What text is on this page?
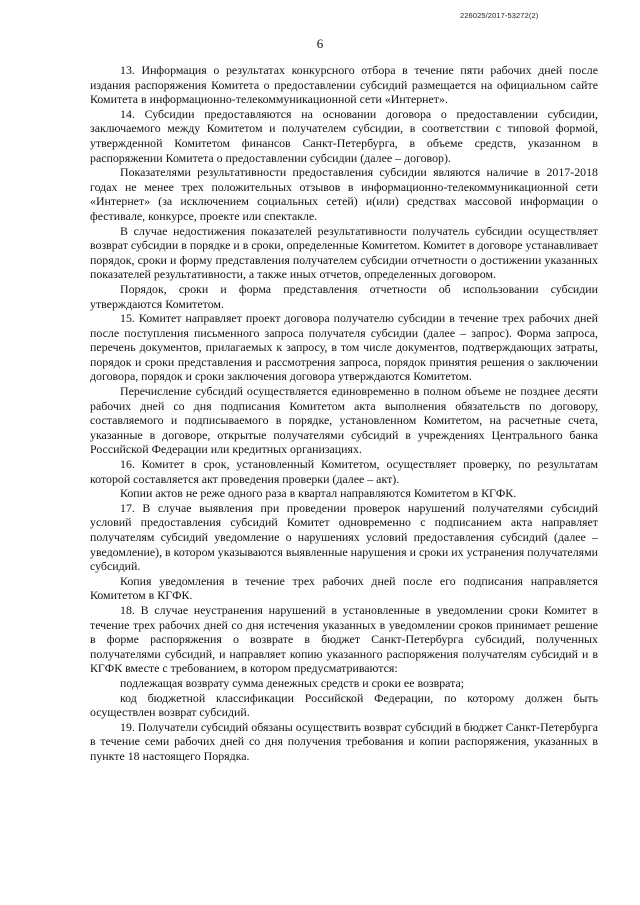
226025/2017-53272(2)
6

13. Информация о результатах конкурсного отбора в течение пяти рабочих дней после издания распоряжения Комитета о предоставлении субсидий размещается на официальном сайте Комитета в информационно-телекоммуникационной сети «Интернет».

14. Субсидии предоставляются на основании договора о предоставлении субсидии, заключаемого между Комитетом и получателем субсидии, в соответствии с типовой формой, утвержденной Комитетом финансов Санкт-Петербурга, в объеме средств, указанном в распоряжении Комитета о предоставлении субсидии (далее – договор).

Показателями результативности предоставления субсидии являются наличие в 2017-2018 годах не менее трех положительных отзывов в информационно-телекоммуникационной сети «Интернет» (за исключением социальных сетей) и(или) средствах массовой информации о фестивале, конкурсе, проекте или спектакле.

В случае недостижения показателей результативности получатель субсидии осуществляет возврат субсидии в порядке и в сроки, определенные Комитетом. Комитет в договоре устанавливает порядок, сроки и форму представления получателем субсидии отчетности о достижении указанных показателей результативности, а также иных отчетов, определенных договором.

Порядок, сроки и форма представления отчетности об использовании субсидии утверждаются Комитетом.

15. Комитет направляет проект договора получателю субсидии в течение трех рабочих дней после поступления письменного запроса получателя субсидии (далее – запрос). Форма запроса, перечень документов, прилагаемых к запросу, в том числе документов, подтверждающих затраты, порядок и сроки представления и рассмотрения запроса, порядок принятия решения о заключении договора, порядок и сроки заключения договора утверждаются Комитетом.

Перечисление субсидий осуществляется единовременно в полном объеме не позднее десяти рабочих дней со дня подписания Комитетом акта выполнения обязательств по договору, составляемого и подписываемого в порядке, установленном Комитетом, на расчетные счета, указанные в договоре, открытые получателями субсидий в учреждениях Центрального банка Российской Федерации или кредитных организациях.

16. Комитет в срок, установленный Комитетом, осуществляет проверку, по результатам которой составляется акт проведения проверки (далее – акт).

Копии актов не реже одного раза в квартал направляются Комитетом в КГФК.

17. В случае выявления при проведении проверок нарушений получателями субсидий условий предоставления субсидий Комитет одновременно с подписанием акта направляет получателям субсидий уведомление о нарушениях условий предоставления субсидий (далее – уведомление), в котором указываются выявленные нарушения и сроки их устранения получателями субсидий.

Копия уведомления в течение трех рабочих дней после его подписания направляется Комитетом в КГФК.

18. В случае неустранения нарушений в установленные в уведомлении сроки Комитет в течение трех рабочих дней со дня истечения указанных в уведомлении сроков принимает решение в форме распоряжения о возврате в бюджет Санкт-Петербурга субсидий, полученных получателями субсидий, и направляет копию указанного распоряжения получателям субсидий и в КГФК вместе с требованием, в котором предусматриваются:

подлежащая возврату сумма денежных средств и сроки ее возврата;

код бюджетной классификации Российской Федерации, по которому должен быть осуществлен возврат субсидий.

19. Получатели субсидий обязаны осуществить возврат субсидий в бюджет Санкт-Петербурга в течение семи рабочих дней со дня получения требования и копии распоряжения, указанных в пункте 18 настоящего Порядка.
